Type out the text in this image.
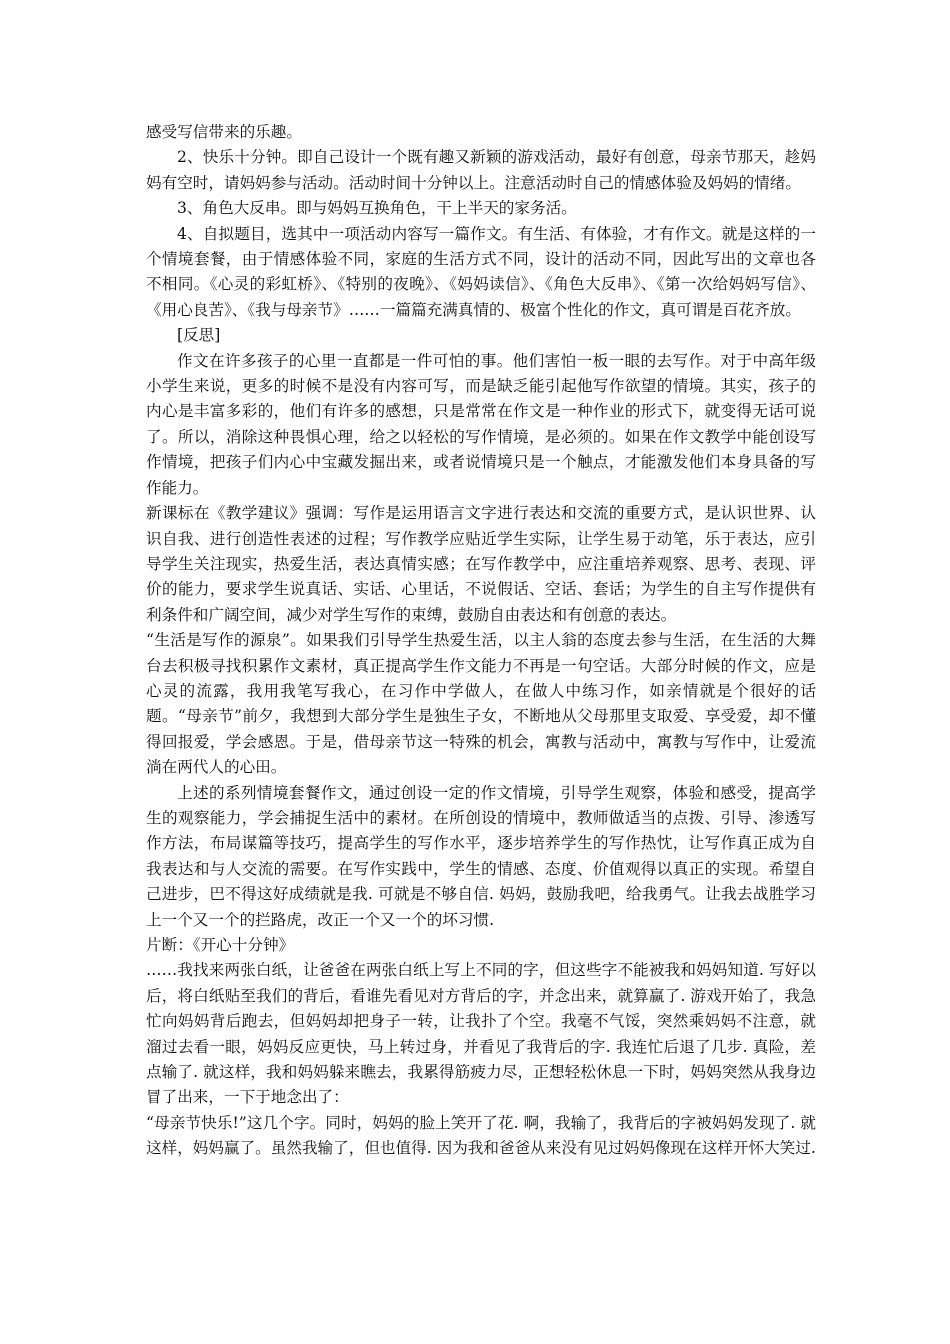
感受写信带来的乐趣。

2、快乐十分钟。即自己设计一个既有趣又新颖的游戏活动，最好有创意，母亲节那天，趁妈妈有空时，请妈妈参与活动。活动时间十分钟以上。注意活动时自己的情感体验及妈妈的情绪。

3、角色大反串。即与妈妈互换角色，干上半天的家务活。

4、自拟题目，选其中一项活动内容写一篇作文。有生活、有体验，才有作文。就是这样的一个情境套餐，由于情感体验不同，家庭的生活方式不同，设计的活动不同，因此写出的文章也各不相同。《心灵的彩虹桥》、《特别的夜晚》、《妈妈读信》、《角色大反串》、《第一次给妈妈写信》、《用心良苦》、《我与母亲节》……一篇篇充满真情的、极富个性化的作文，真可谓是百花齐放。

[反思]

作文在许多孩子的心里一直都是一件可怕的事。他们害怕一板一眼的去写作。对于中高年级小学生来说，更多的时候不是没有内容可写，而是缺乏能引起他写作欲望的情境。其实，孩子的内心是丰富多彩的，他们有许多的感想，只是常常在作文是一种作业的形式下，就变得无话可说了。所以，消除这种畏惧心理，给之以轻松的写作情境，是必须的。如果在作文教学中能创设写作情境，把孩子们内心中宝藏发掘出来，或者说情境只是一个触点，才能激发他们本身具备的写作能力。

新课标在《教学建议》强调：写作是运用语言文字进行表达和交流的重要方式，是认识世界、认识自我、进行创造性表述的过程；写作教学应贴近学生实际，让学生易于动笔，乐于表达，应引导学生关注现实，热爱生活，表达真情实感；在写作教学中，应注重培养观察、思考、表现、评价的能力，要求学生说真话、实话、心里话，不说假话、空话、套话；为学生的自主写作提供有利条件和广阔空间，减少对学生写作的束缚，鼓励自由表达和有创意的表达。

“生活是写作的源泉”。如果我们引导学生热爱生活，以主人翁的态度去参与生活，在生活的大舞台去积极寻找积累作文素材，真正提高学生作文能力不再是一句空话。大部分时候的作文，应是心灵的流露，我用我笔写我心，在习作中学做人，在做人中练习作，如亲情就是个很好的话题。“母亲节”前夕，我想到大部分学生是独生子女，不断地从父母那里支取爱、享受爱，却不懂得回报爱，学会感恩。于是，借母亲节这一特殊的机会，寓教与活动中，寓教与写作中，让爱流淌在两代人的心田。

上述的系列情境套餐作文，通过创设一定的作文情境，引导学生观察，体验和感受，提高学生的观察能力，学会捕捉生活中的素材。在所创设的情境中，教师做适当的点拨、引导、渗透写作方法，布局谋篇等技巧，提高学生的写作水平，逐步培养学生的写作热忱，让写作真正成为自我表达和与人交流的需要。在写作实践中，学生的情感、态度、价值观得以真正的实现。希望自己进步，巴不得这好成绩就是我. 可就是不够自信. 妈妈，鼓励我吧，给我勇气。让我去战胜学习上一个又一个的拦路虎，改正一个又一个的坏习惯.

片断：《开心十分钟》

……我找来两张白纸，让爸爸在两张白纸上写上不同的字，但这些字不能被我和妈妈知道. 写好以后，将白纸贴至我们的背后，看谁先看见对方背后的字，并念出来，就算赢了. 游戏开始了，我急忙向妈妈背后跑去，但妈妈却把身子一转，让我扑了个空。我毫不气馁，突然乘妈妈不注意，就溜过去看一眼，妈妈反应更快，马上转过身，并看见了我背后的字. 我连忙后退了几步. 真险，差点输了. 就这样，我和妈妈躲来瞧去，我累得筋疲力尽，正想轻松休息一下时，妈妈突然从我身边冒了出来，一下于地念出了：

“母亲节快乐!”这几个字。同时，妈妈的脸上笑开了花. 啊，我输了，我背后的字被妈妈发现了. 就这样，妈妈赢了。虽然我输了，但也值得. 因为我和爸爸从来没有见过妈妈像现在这样开怀大笑过.
